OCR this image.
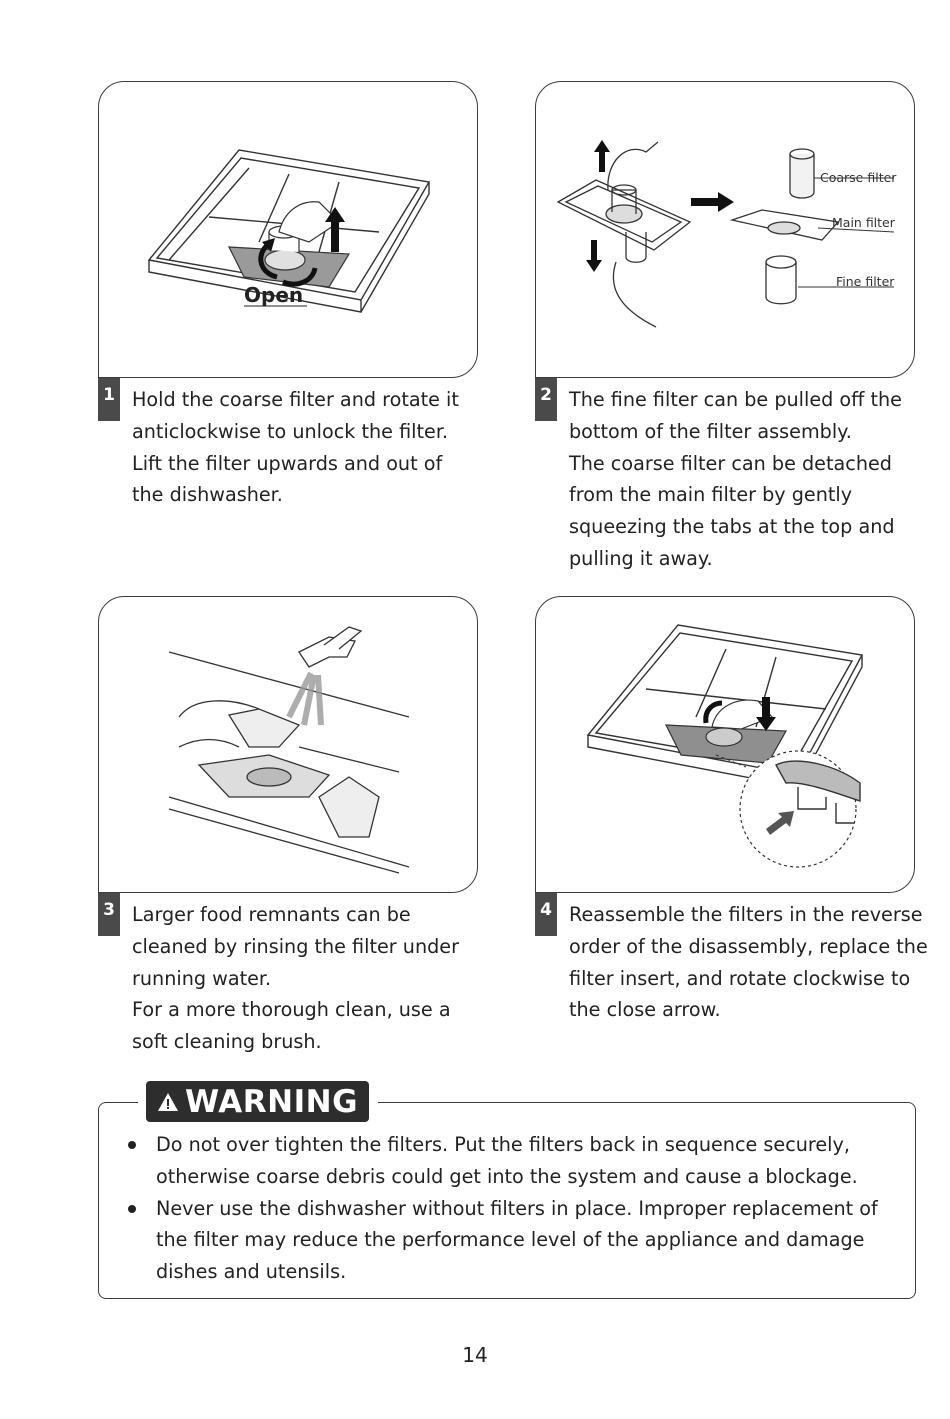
Open
1 Hold the coarse filter and rotate it
anticlockwise to unlock the filter.
Lift the filter upwards and out of
the dishwasher.
Coarse filter
Main filter
Fine filter
2 The fine filter can be pulled off the
bottom of the filter assembly.
The coarse filter can be detached
from the main filter by gently
squeezing the tabs at the top and
pulling it away.
3 Larger food remnants can be
cleaned by rinsing the filter under
running water.
For a more thorough clean, use a
soft cleaning brush.
4 Reassemble the filters in the reverse
order of the disassembly, replace the
filter insert, and rotate clockwise to
the close arrow.
WARNING
Do not over tighten the filters. Put the filters back in sequence securely,
otherwise coarse debris could get into the system and cause a blockage.
Never use the dishwasher without filters in place. Improper replacement of
the filter may reduce the performance level of the appliance and damage
dishes and utensils.
14
